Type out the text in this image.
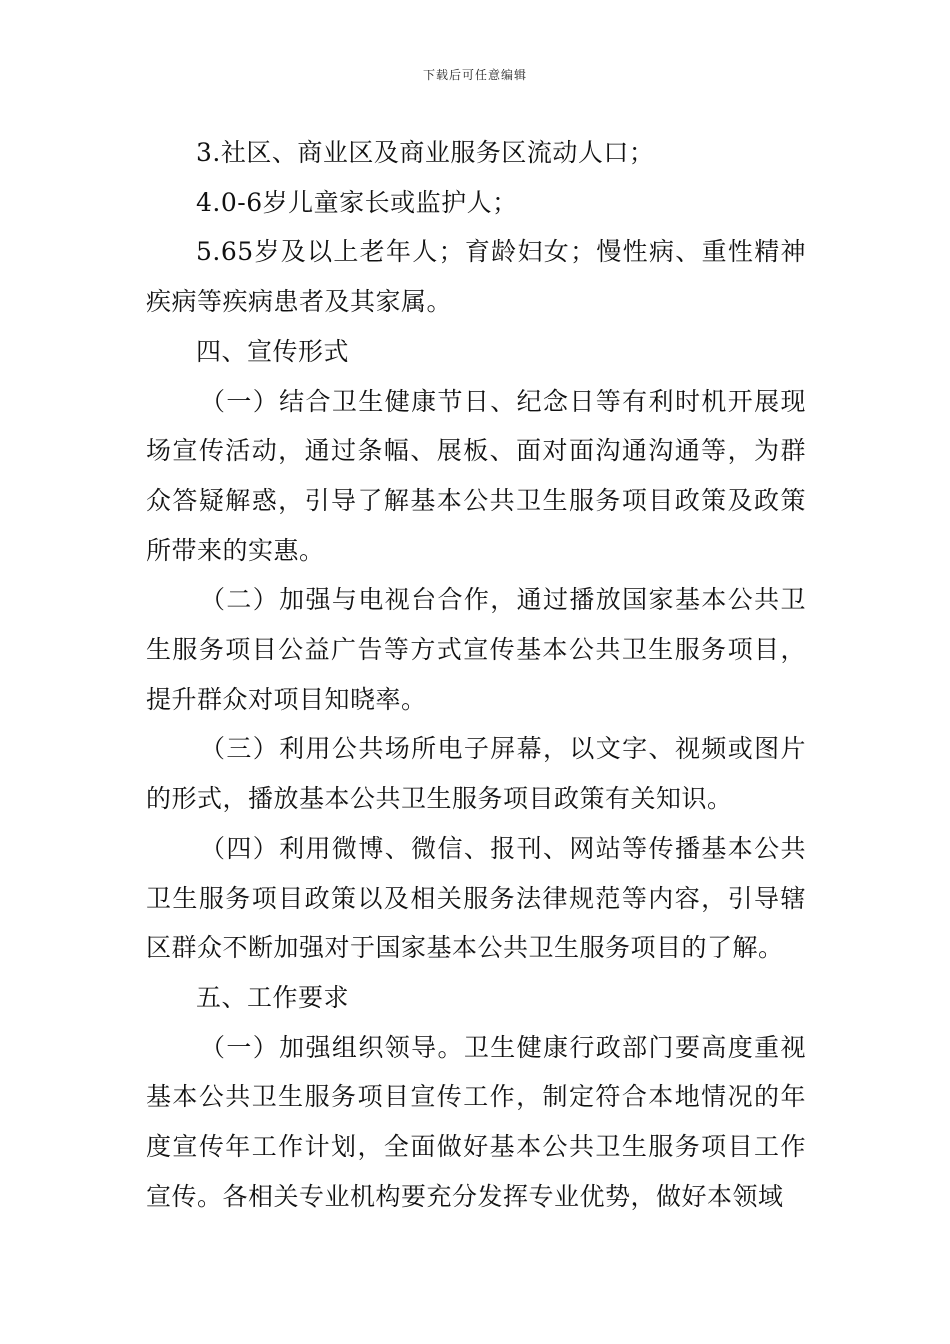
下载后可任意编辑

3.社区、商业区及商业服务区流动人口；

4.0-6岁儿童家长或监护人；

5.65岁及以上老年人；育龄妇女；慢性病、重性精神疾病等疾病患者及其家属。

四、宣传形式

（一）结合卫生健康节日、纪念日等有利时机开展现场宣传活动，通过条幅、展板、面对面沟通沟通等，为群众答疑解惑，引导了解基本公共卫生服务项目政策及政策所带来的实惠。

（二）加强与电视台合作，通过播放国家基本公共卫生服务项目公益广告等方式宣传基本公共卫生服务项目，提升群众对项目知晓率。

（三）利用公共场所电子屏幕，以文字、视频或图片的形式，播放基本公共卫生服务项目政策有关知识。

（四）利用微博、微信、报刊、网站等传播基本公共卫生服务项目政策以及相关服务法律规范等内容，引导辖区群众不断加强对于国家基本公共卫生服务项目的了解。

五、工作要求

（一）加强组织领导。卫生健康行政部门要高度重视基本公共卫生服务项目宣传工作，制定符合本地情况的年度宣传年工作计划，全面做好基本公共卫生服务项目工作宣传。各相关专业机构要充分发挥专业优势，做好本领域
